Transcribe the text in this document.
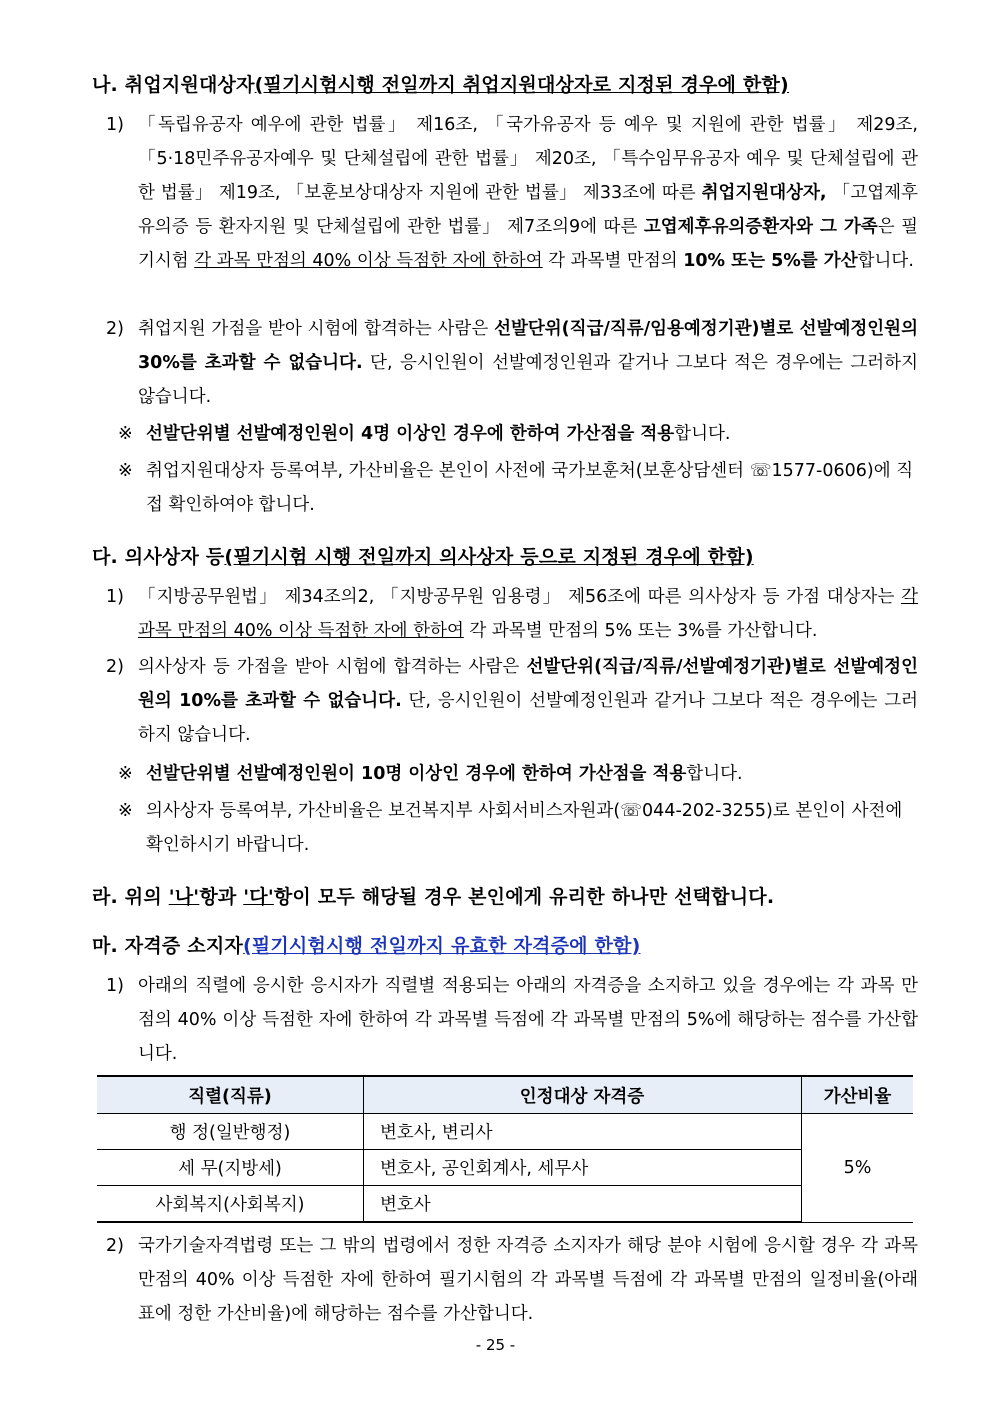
나. 취업지원대상자(필기시험시행 전일까지 취업지원대상자로 지정된 경우에 한함)
1) 「독립유공자 예우에 관한 법률」 제16조, 「국가유공자 등 예우 및 지원에 관한 법률」 제29조, 「5·18민주유공자예우 및 단체설립에 관한 법률」 제20조, 「특수임무유공자 예우 및 단체설립에 관한 법률」 제19조, 「보훈보상대상자 지원에 관한 법률」 제33조에 따른 취업지원대상자, 「고엽제후유의증 등 환자지원 및 단체설립에 관한 법률」 제7조의9에 따른 고엽제후유의증환자와 그 가족은 필기시험 각 과목 만점의 40% 이상 득점한 자에 한하여 각 과목별 만점의 10% 또는 5%를 가산합니다.
2) 취업지원 가점을 받아 시험에 합격하는 사람은 선발단위(직급/직류/임용예정기관)별로 선발예정인원의 30%를 초과할 수 없습니다. 단, 응시인원이 선발예정인원과 같거나 그보다 적은 경우에는 그러하지 않습니다.
※ 선발단위별 선발예정인원이 4명 이상인 경우에 한하여 가산점을 적용합니다.
※ 취업지원대상자 등록여부, 가산비율은 본인이 사전에 국가보훈처(보훈상담센터 ☏1577-0606)에 직접 확인하여야 합니다.
다. 의사상자 등(필기시험 시행 전일까지 의사상자 등으로 지정된 경우에 한함)
1) 「지방공무원법」 제34조의2, 「지방공무원 임용령」 제56조에 따른 의사상자 등 가점 대상자는 각 과목 만점의 40% 이상 득점한 자에 한하여 각 과목별 만점의 5% 또는 3%를 가산합니다.
2) 의사상자 등 가점을 받아 시험에 합격하는 사람은 선발단위(직급/직류/선발예정기관)별로 선발예정인원의 10%를 초과할 수 없습니다. 단, 응시인원이 선발예정인원과 같거나 그보다 적은 경우에는 그러하지 않습니다.
※ 선발단위별 선발예정인원이 10명 이상인 경우에 한하여 가산점을 적용합니다.
※ 의사상자 등록여부, 가산비율은 보건복지부 사회서비스자원과(☏044-202-3255)로 본인이 사전에 확인하시기 바랍니다.
라. 위의 '나'항과 '다'항이 모두 해당될 경우 본인에게 유리한 하나만 선택합니다.
마. 자격증 소지자(필기시험시행 전일까지 유효한 자격증에 한함)
1) 아래의 직렬에 응시한 응시자가 직렬별 적용되는 아래의 자격증을 소지하고 있을 경우에는 각 과목 만점의 40% 이상 득점한 자에 한하여 각 과목별 득점에 각 과목별 만점의 5%에 해당하는 점수를 가산합니다.
직렬(직류)	인정대상 자격증	가산비율
행 정(일반행정)	변호사, 변리사	5%
세 무(지방세)	변호사, 공인회계사, 세무사	
사회복지(사회복지)	변호사	
2) 국가기술자격법령 또는 그 밖의 법령에서 정한 자격증 소지자가 해당 분야 시험에 응시할 경우 각 과목 만점의 40% 이상 득점한 자에 한하여 필기시험의 각 과목별 득점에 각 과목별 만점의 일정비율(아래 표에 정한 가산비율)에 해당하는 점수를 가산합니다.
- 25 -
